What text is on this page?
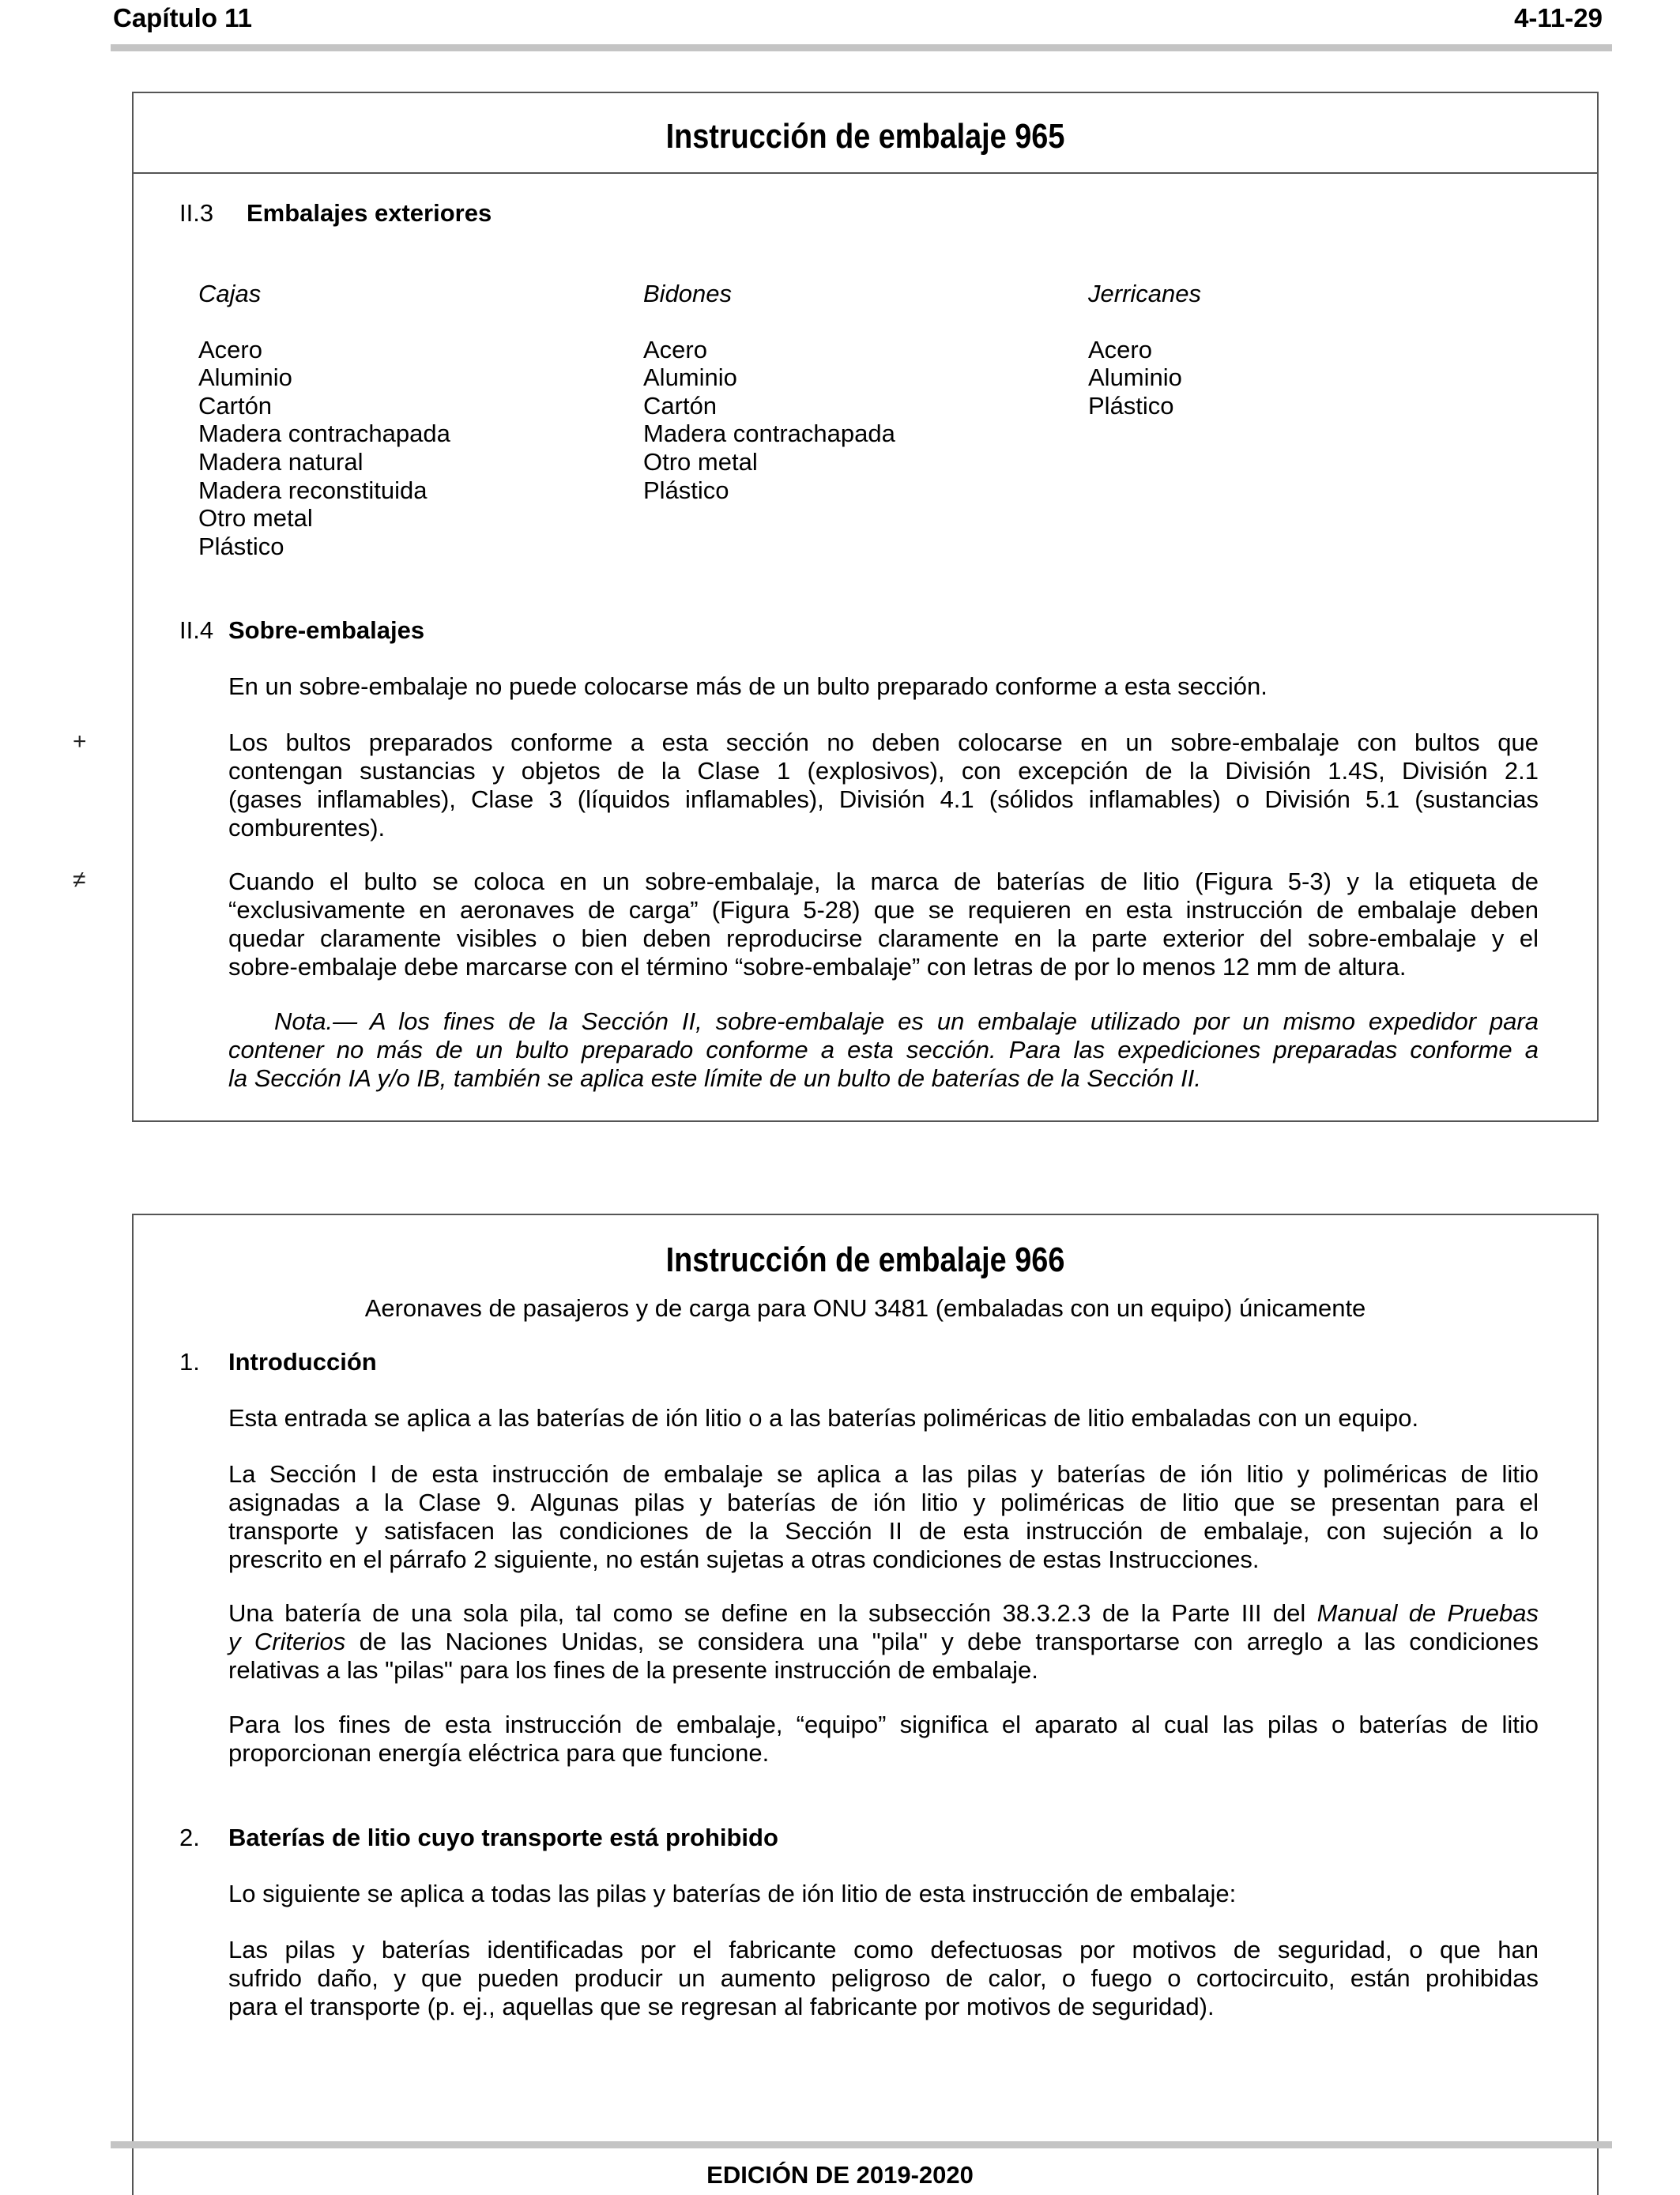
Capítulo 11	4-11-29
+
≠
Instrucción de embalaje 965
II.3 Embalajes exteriores
Cajas
Acero
Aluminio
Cartón
Madera contrachapada
Madera natural
Madera reconstituida
Otro metal
Plástico
Bidones
Acero
Aluminio
Cartón
Madera contrachapada
Otro metal
Plástico
Jerricanes
Acero
Aluminio
Plástico
II.4 Sobre-embalajes
En un sobre-embalaje no puede colocarse más de un bulto preparado conforme a esta sección.
Los bultos preparados conforme a esta sección no deben colocarse en un sobre-embalaje con bultos que
contengan sustancias y objetos de la Clase 1 (explosivos), con excepción de la División 1.4S, División 2.1
(gases inflamables), Clase 3 (líquidos inflamables), División 4.1 (sólidos inflamables) o División 5.1 (sustancias
comburentes).
Cuando el bulto se coloca en un sobre-embalaje, la marca de baterías de litio (Figura 5-3) y la etiqueta de
“exclusivamente en aeronaves de carga” (Figura 5-28) que se requieren en esta instrucción de embalaje deben
quedar claramente visibles o bien deben reproducirse claramente en la parte exterior del sobre-embalaje y el
sobre-embalaje debe marcarse con el término “sobre-embalaje” con letras de por lo menos 12 mm de altura.
Nota.— A los fines de la Sección II, sobre-embalaje es un embalaje utilizado por un mismo expedidor para
contener no más de un bulto preparado conforme a esta sección. Para las expediciones preparadas conforme a
la Sección IA y/o IB, también se aplica este límite de un bulto de baterías de la Sección II.
Instrucción de embalaje 966
Aeronaves de pasajeros y de carga para ONU 3481 (embaladas con un equipo) únicamente
1. Introducción
Esta entrada se aplica a las baterías de ión litio o a las baterías poliméricas de litio embaladas con un equipo.
La Sección I de esta instrucción de embalaje se aplica a las pilas y baterías de ión litio y poliméricas de litio
asignadas a la Clase 9. Algunas pilas y baterías de ión litio y poliméricas de litio que se presentan para el
transporte y satisfacen las condiciones de la Sección II de esta instrucción de embalaje, con sujeción a lo
prescrito en el párrafo 2 siguiente, no están sujetas a otras condiciones de estas Instrucciones.
Una batería de una sola pila, tal como se define en la subsección 38.3.2.3 de la Parte III del Manual de Pruebas
y Criterios de las Naciones Unidas, se considera una "pila" y debe transportarse con arreglo a las condiciones
relativas a las "pilas" para los fines de la presente instrucción de embalaje.
Para los fines de esta instrucción de embalaje, “equipo” significa el aparato al cual las pilas o baterías de litio
proporcionan energía eléctrica para que funcione.
2. Baterías de litio cuyo transporte está prohibido
Lo siguiente se aplica a todas las pilas y baterías de ión litio de esta instrucción de embalaje:
Las pilas y baterías identificadas por el fabricante como defectuosas por motivos de seguridad, o que han
sufrido daño, y que pueden producir un aumento peligroso de calor, o fuego o cortocircuito, están prohibidas
para el transporte (p. ej., aquellas que se regresan al fabricante por motivos de seguridad).
EDICIÓN DE 2019-2020
